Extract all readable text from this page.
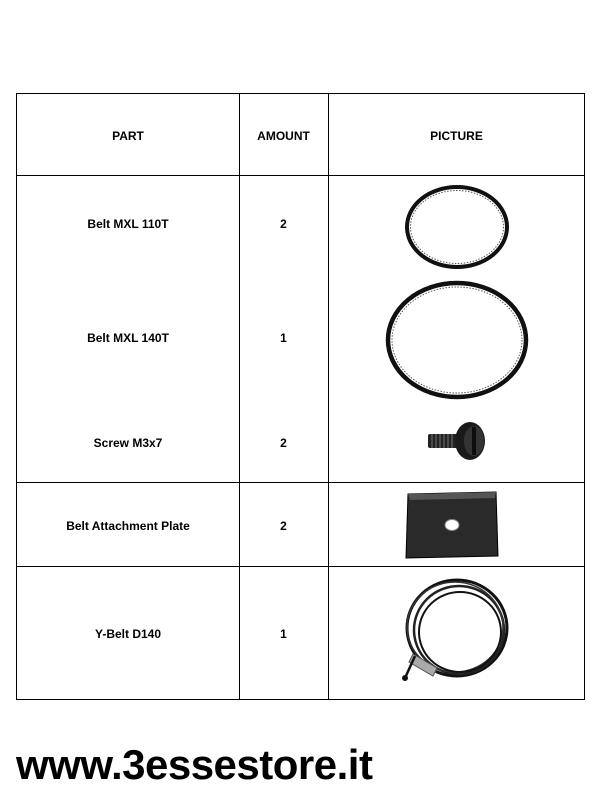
PART	AMOUNT	PICTURE
Belt MXL 110T	2
Belt MXL 140T	1
Screw M3x7	2
Belt Attachment Plate	2
Y-Belt D140	1
www.3essestore.it
